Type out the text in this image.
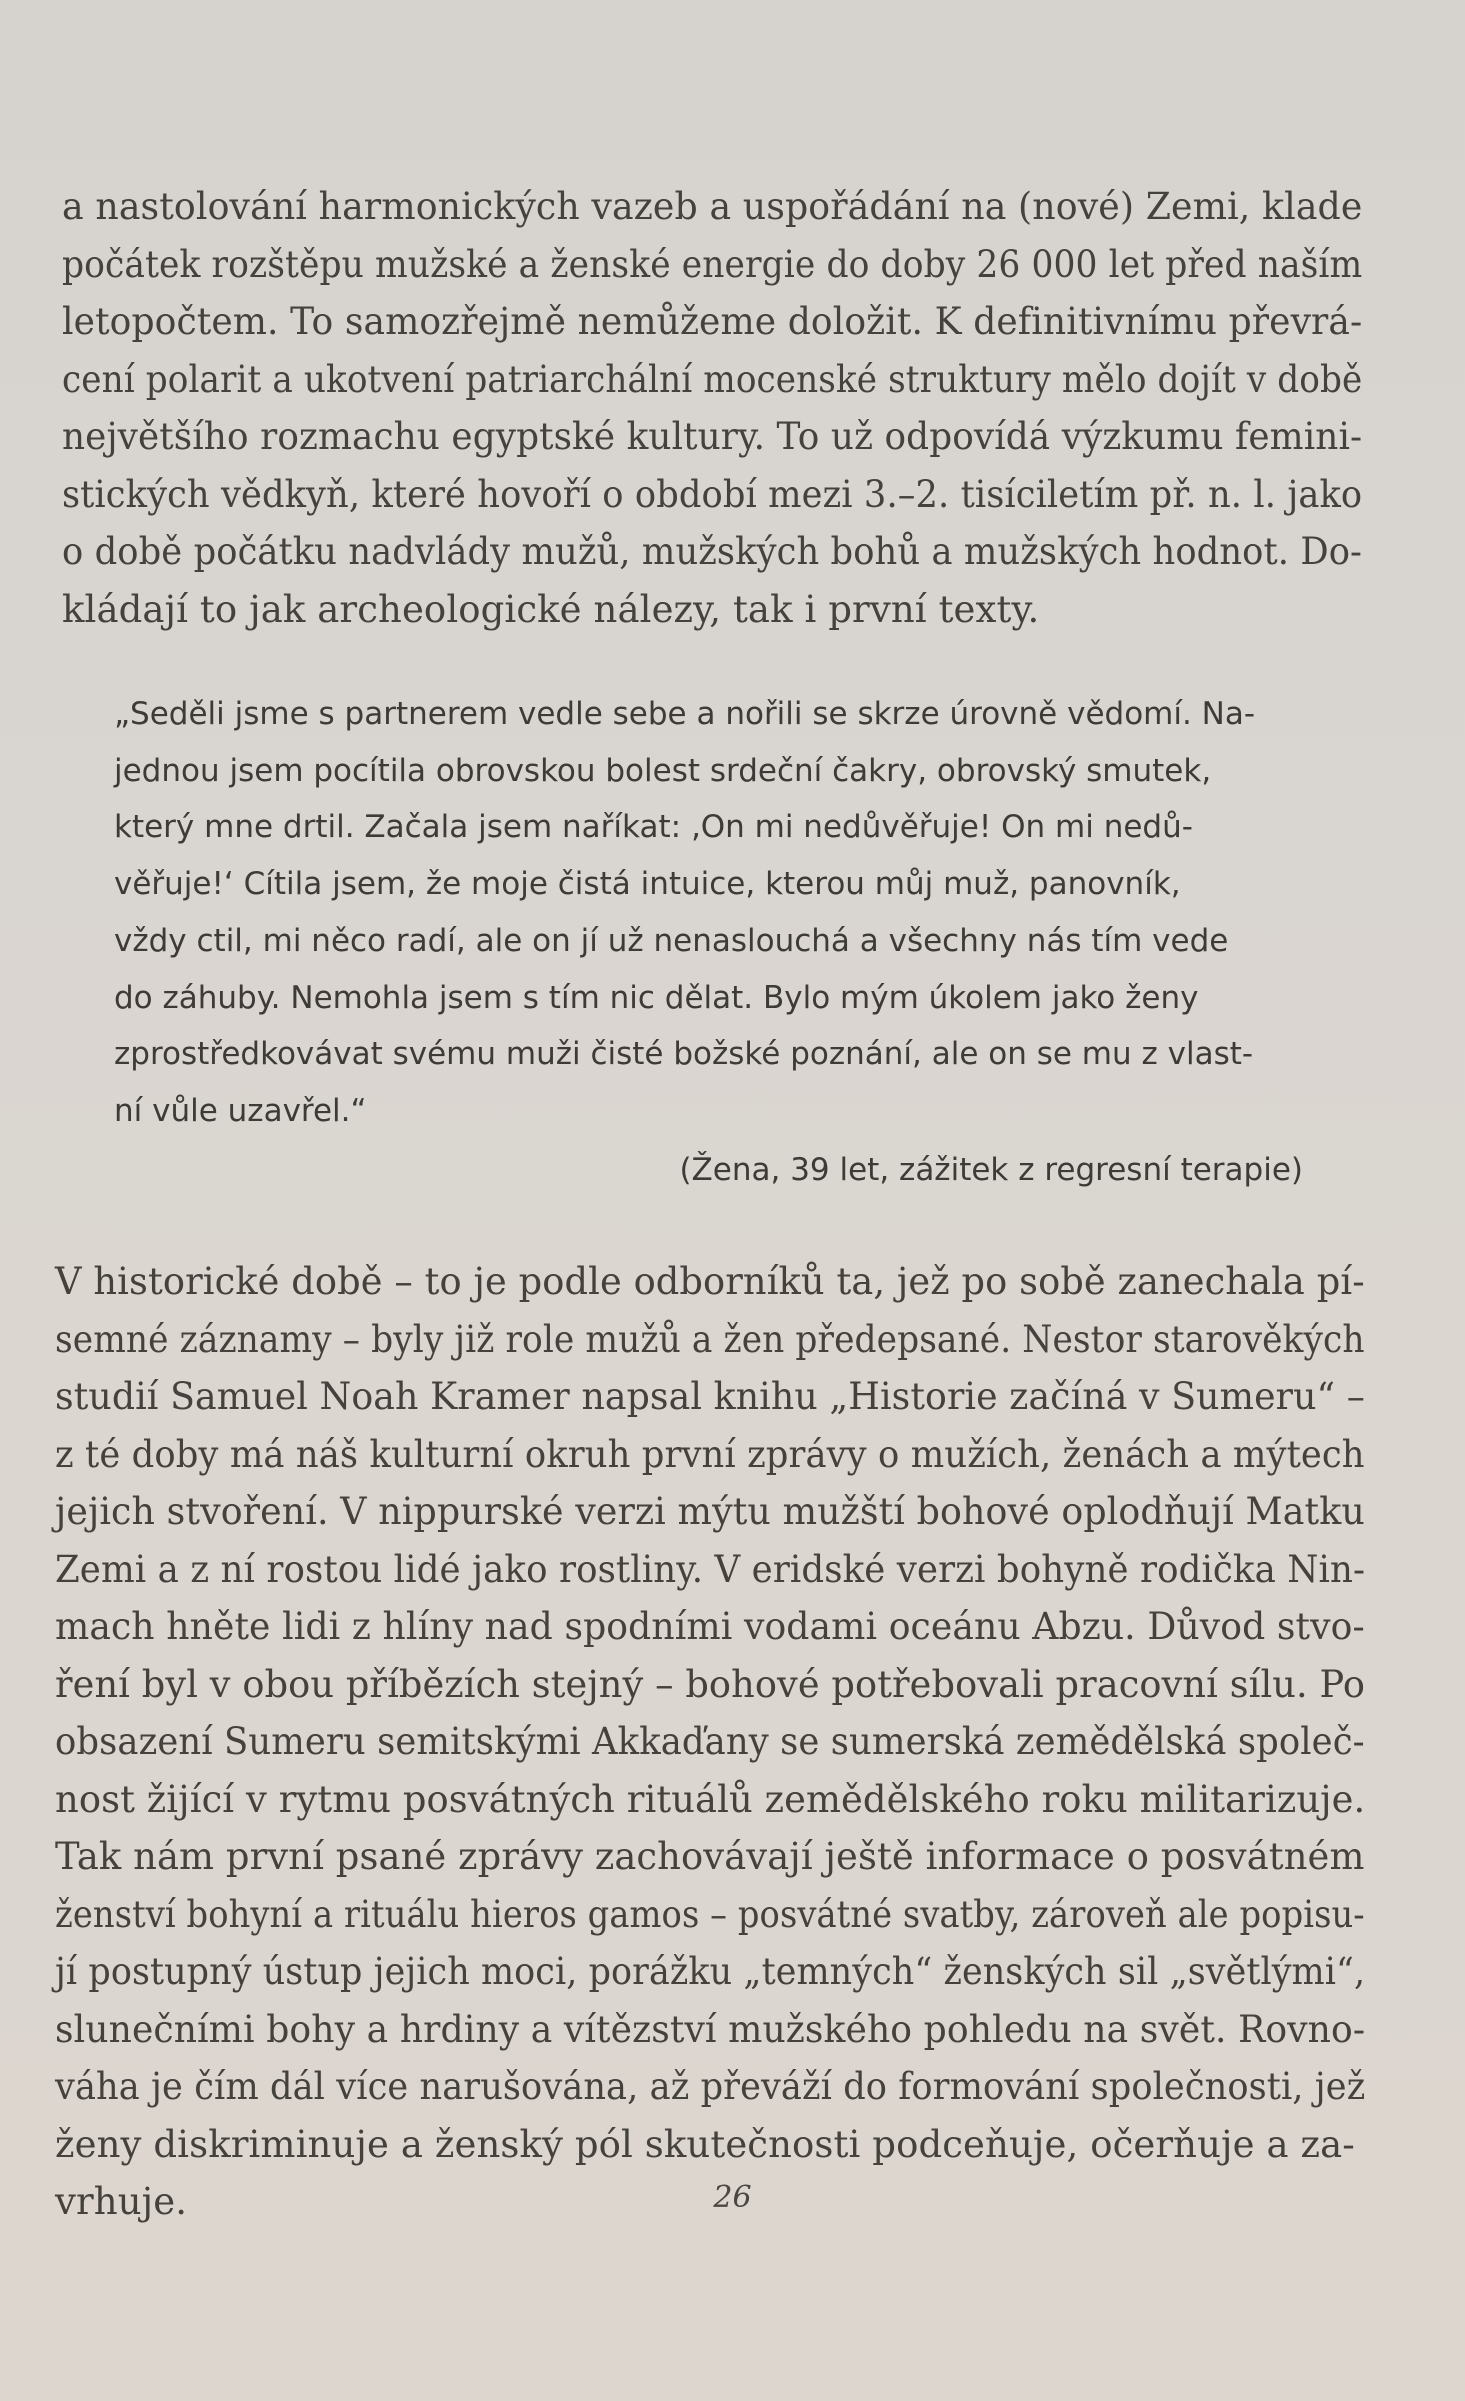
a nastolování harmonických vazeb a uspořádání na (nové) Zemi, klade
počátek rozštěpu mužské a ženské energie do doby 26 000 let před naším
letopočtem. To samozřejmě nemůžeme doložit. K definitivnímu převrá-
cení polarit a ukotvení patriarchální mocenské struktury mělo dojít v době
největšího rozmachu egyptské kultury. To už odpovídá výzkumu femini-
stických vědkyň, které hovoří o období mezi 3.–2. tisíciletím př. n. l. jako
o době počátku nadvlády mužů, mužských bohů a mužských hodnot. Do-
kládají to jak archeologické nálezy, tak i první texty.
„Seděli jsme s partnerem vedle sebe a nořili se skrze úrovně vědomí. Na-
jednou jsem pocítila obrovskou bolest srdeční čakry, obrovský smutek,
který mne drtil. Začala jsem naříkat: ‚On mi nedůvěřuje! On mi nedů-
věřuje!‘ Cítila jsem, že moje čistá intuice, kterou můj muž, panovník,
vždy ctil, mi něco radí, ale on jí už nenaslouchá a všechny nás tím vede
do záhuby. Nemohla jsem s tím nic dělat. Bylo mým úkolem jako ženy
zprostředkovávat svému muži čisté božské poznání, ale on se mu z vlast-
ní vůle uzavřel.“
(Žena, 39 let, zážitek z regresní terapie)
V historické době – to je podle odborníků ta, jež po sobě zanechala pí-
semné záznamy – byly již role mužů a žen předepsané. Nestor starověkých
studií Samuel Noah Kramer napsal knihu „Historie začíná v Sumeru“ –
z té doby má náš kulturní okruh první zprávy o mužích, ženách a mýtech
jejich stvoření. V nippurské verzi mýtu mužští bohové oplodňují Matku
Zemi a z ní rostou lidé jako rostliny. V eridské verzi bohyně rodička Nin-
mach hněte lidi z hlíny nad spodními vodami oceánu Abzu. Důvod stvo-
ření byl v obou příbězích stejný – bohové potřebovali pracovní sílu. Po
obsazení Sumeru semitskými Akkaďany se sumerská zemědělská společ-
nost žijící v rytmu posvátných rituálů zemědělského roku militarizuje.
Tak nám první psané zprávy zachovávají ještě informace o posvátném
ženství bohyní a rituálu hieros gamos – posvátné svatby, zároveň ale popisu-
jí postupný ústup jejich moci, porážku „temných“ ženských sil „světlými“,
slunečními bohy a hrdiny a vítězství mužského pohledu na svět. Rovno-
váha je čím dál více narušována, až převáží do formování společnosti, jež
ženy diskriminuje a ženský pól skutečnosti podceňuje, očerňuje a za-
vrhuje.	26
